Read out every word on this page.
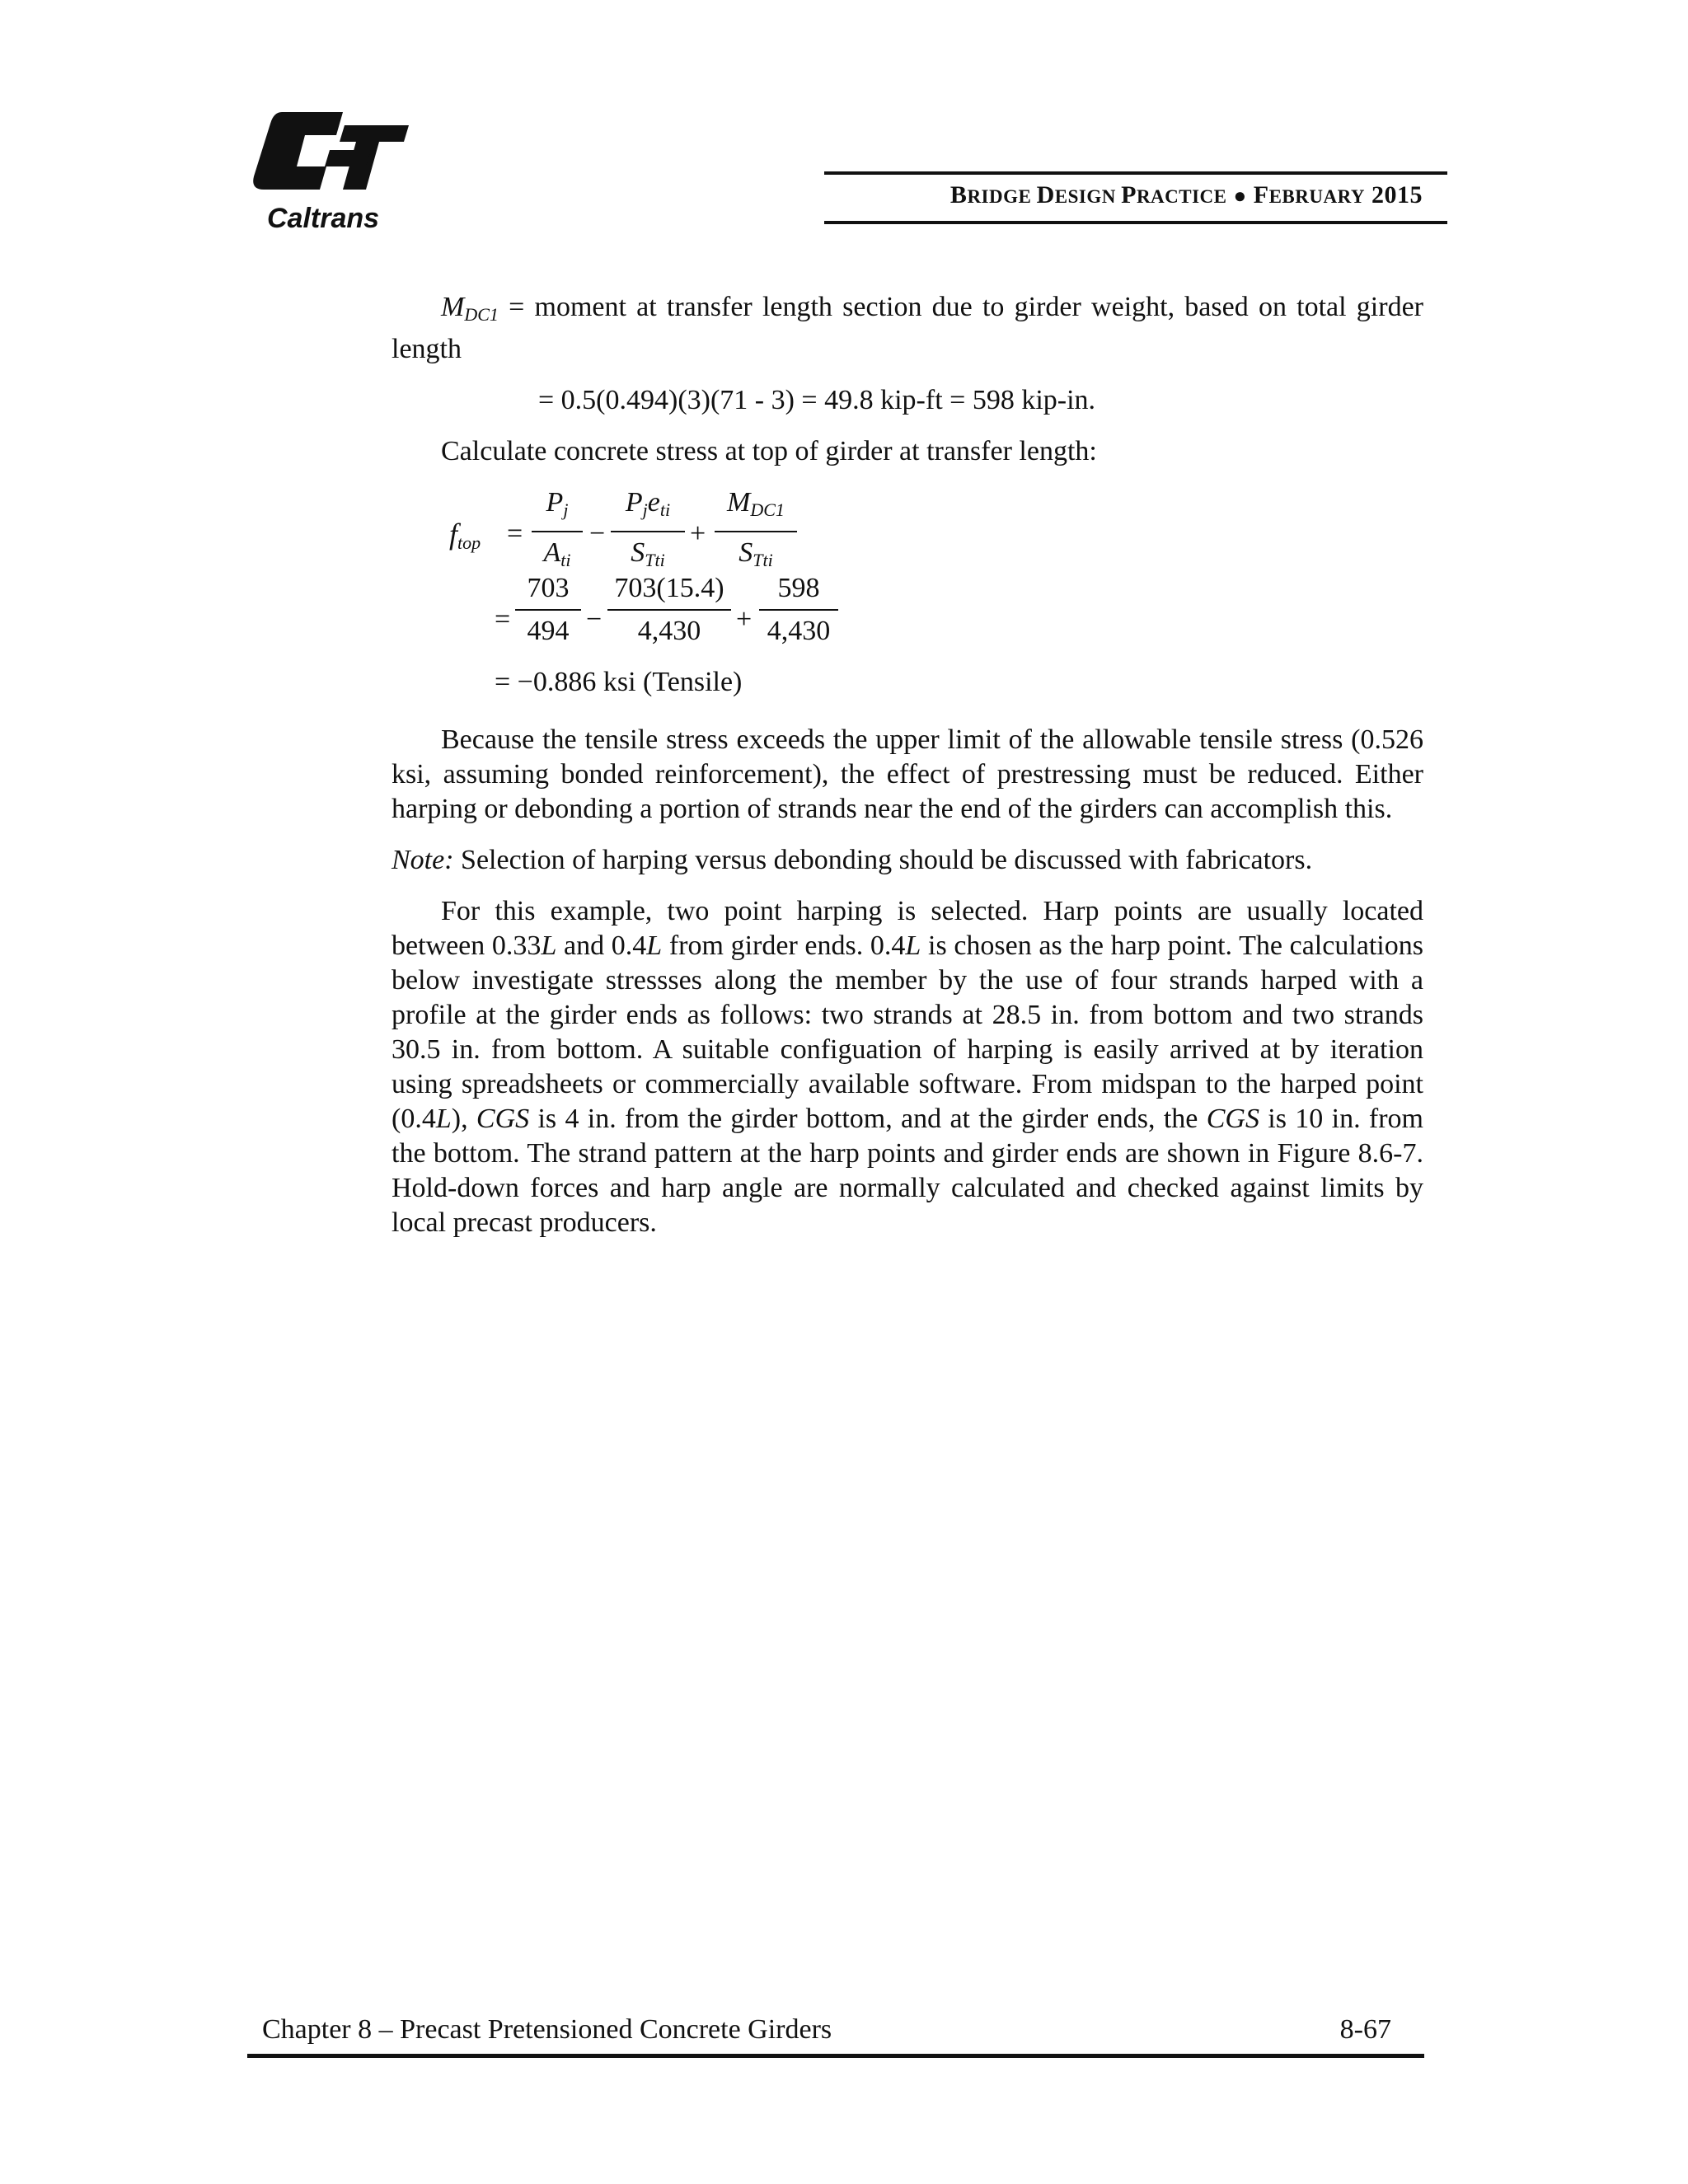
Caltrans
BRIDGE DESIGN PRACTICE ● FEBRUARY 2015

$M_{DC1}$ = moment at transfer length section due to girder weight, based on total girder length

= 0.5(0.494)(3)(71 - 3) = 49.8 kip-ft = 598 kip-in.

Calculate concrete stress at top of girder at transfer length:

$f_{top}$ =
$P_j$
$A_{ti}$
−
$P_je_{ti}$
$S_{Tti}$
+
$M_{DC1}$
$S_{Tti}$
=
703
494 −
703(15.4)
4,430	+
598
4,430
= −0.886 ksi (Tensile)

Because the tensile stress exceeds the upper limit of the allowable tensile stress (0.526 ksi, assuming bonded reinforcement), the effect of prestressing must be reduced. Either harping or debonding a portion of strands near the end of the girders can accomplish this.

Note: Selection of harping versus debonding should be discussed with fabricators.

For this example, two point harping is selected. Harp points are usually located between 0.33L and 0.4L from girder ends. 0.4L is chosen as the harp point. The calculations below investigate stressses along the member by the use of four strands harped with a profile at the girder ends as follows: two strands at 28.5 in. from bottom and two strands 30.5 in. from bottom. A suitable configuation of harping is easily arrived at by iteration using spreadsheets or commercially available software. From midspan to the harped point (0.4L), CGS is 4 in. from the girder bottom, and at the girder ends, the CGS is 10 in. from the bottom. The strand pattern at the harp points and girder ends are shown in Figure 8.6-7. Hold-down forces and harp angle are normally calculated and checked against limits by local precast producers.

Chapter 8 – Precast Pretensioned Concrete Girders	8-67
